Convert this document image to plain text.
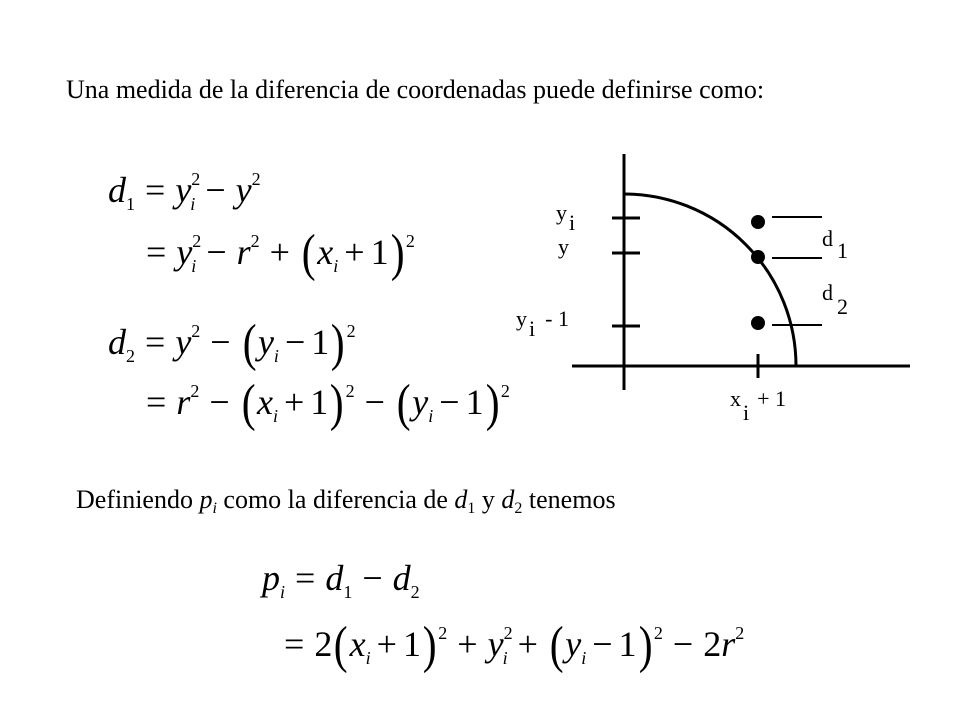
Una medida de la diferencia de coordenadas puede definirse como:
$d_1 = y^2_i - y^2$
= $y^2_i - r^2 + (x_i + 1)^2$
$d_2 = y^2 - (y_i - 1)^2$
= $r^2 - (x_i + 1)^2 - (y_i - 1)^2$
Definiendo $p_i$ como la diferencia de $d_1$ y $d_2$ tenemos
$p_i = d_1 - d_2$
= $2(x_i + 1)^2 + y^2_i + (y_i - 1)^2 - 2r^2$
yi
y
yi - 1
d 1
d2
xi+ 1
